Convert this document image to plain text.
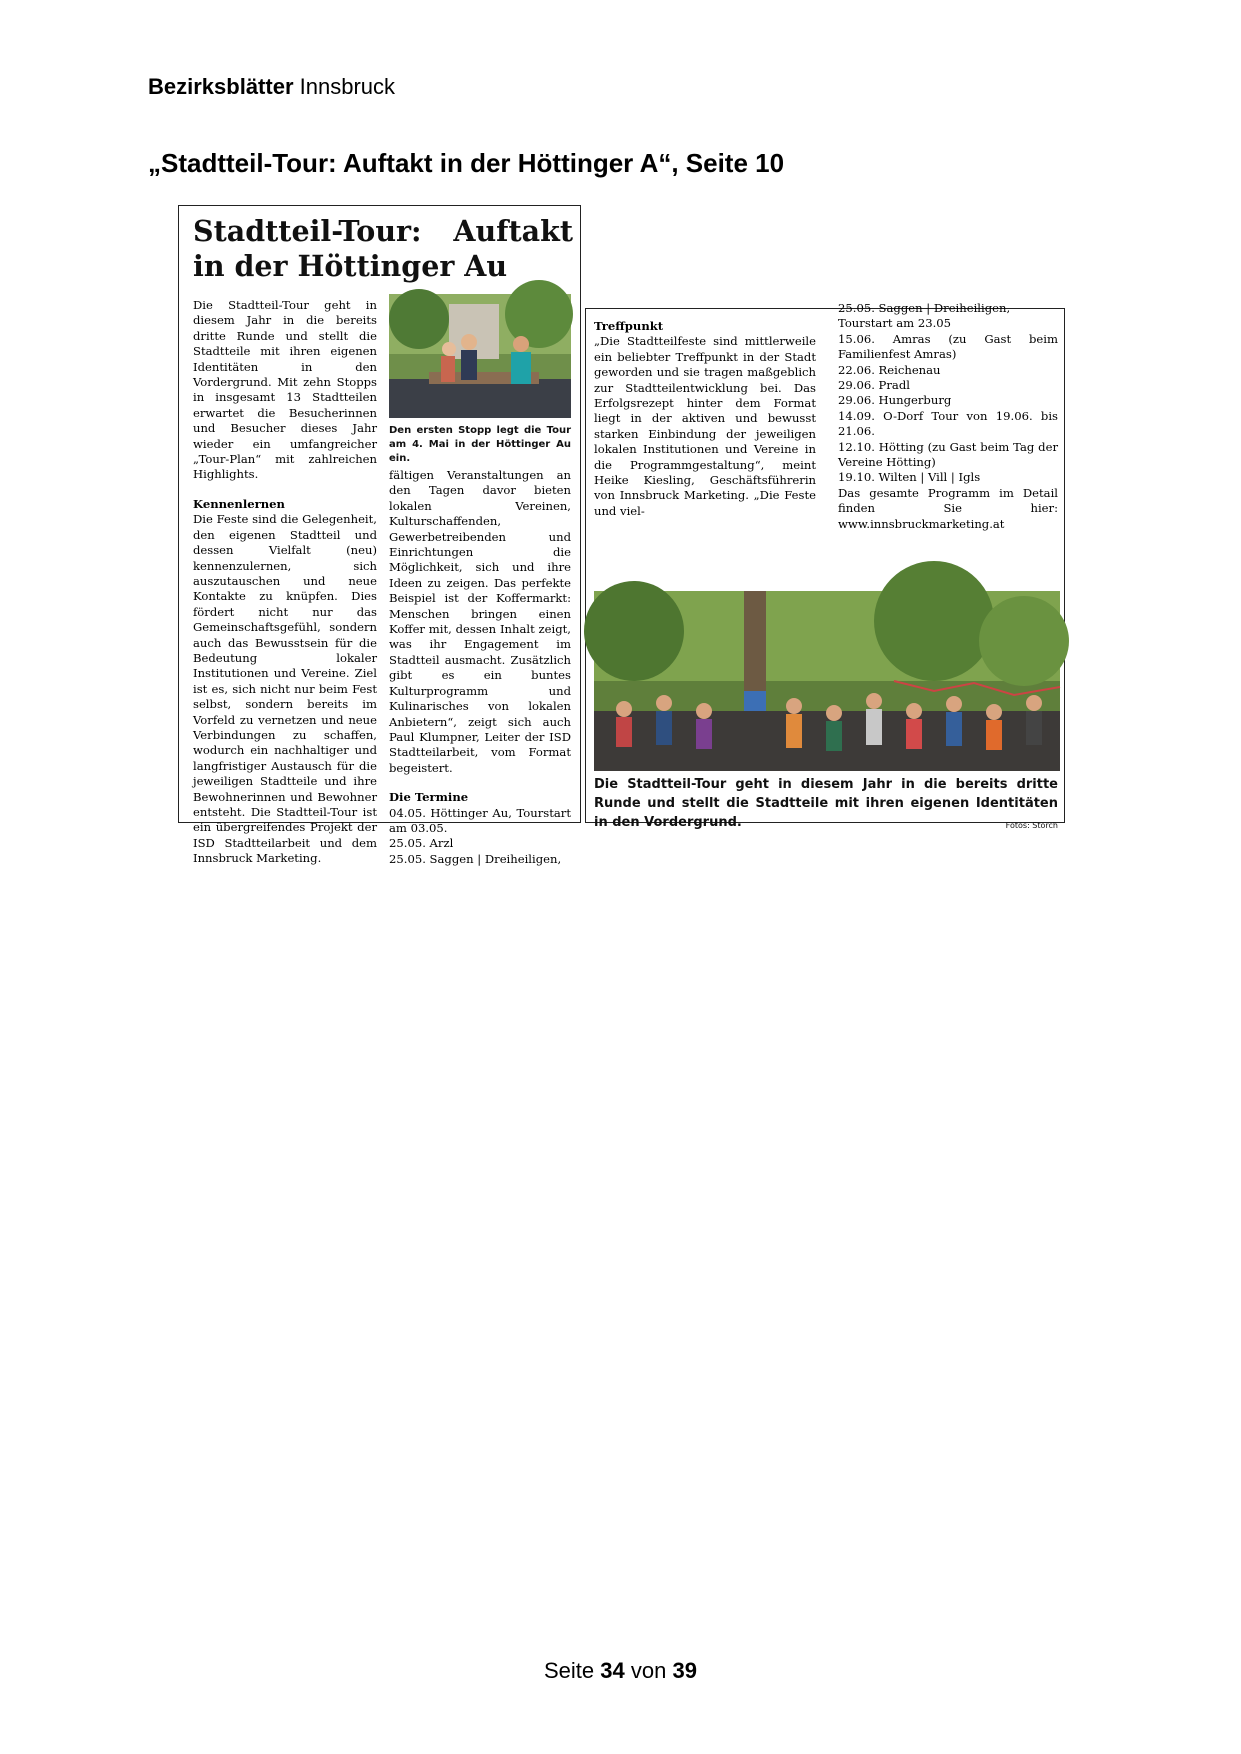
Bezirksblätter Innsbruck
„Stadtteil-Tour: Auftakt in der Höttinger A“, Seite 10
Stadtteil-Tour: Auftakt in der Höttinger Au

Die Stadtteil-Tour geht in diesem Jahr in die bereits dritte Runde und stellt die Stadtteile mit ihren eigenen Identitäten in den Vordergrund. Mit zehn Stopps in insgesamt 13 Stadtteilen erwartet die Besucherinnen und Besucher dieses Jahr wieder ein umfangreicher „Tour-Plan“ mit zahlreichen Highlights.

Kennenlernen

Die Feste sind die Gelegenheit, den eigenen Stadtteil und dessen Vielfalt (neu) kennenzulernen, sich auszutauschen und neue Kontakte zu knüpfen. Dies fördert nicht nur das Gemeinschaftsgefühl, sondern auch das Bewusstsein für die Bedeutung lokaler Institutionen und Vereine. Ziel ist es, sich nicht nur beim Fest selbst, sondern bereits im Vorfeld zu vernetzen und neue Verbindungen zu schaffen, wodurch ein nachhaltiger und langfristiger Austausch für die jeweiligen Stadtteile und ihre Bewohnerinnen und Bewohner entsteht. Die Stadtteil-Tour ist ein übergreifendes Projekt der ISD Stadtteilarbeit und dem Innsbruck Marketing.

Den ersten Stopp legt die Tour am 4. Mai in der Höttinger Au ein.

fältigen Veranstaltungen an den Tagen davor bieten lokalen Vereinen, Kulturschaffenden, Gewerbetreibenden und Einrichtungen die Möglichkeit, sich und ihre Ideen zu zeigen. Das perfekte Beispiel ist der Koffermarkt: Menschen bringen einen Koffer mit, dessen Inhalt zeigt, was ihr Engagement im Stadtteil ausmacht. Zusätzlich gibt es ein buntes Kulturprogramm und Kulinarisches von lokalen Anbietern“, zeigt sich auch Paul Klumpner, Leiter der ISD Stadtteilarbeit, vom Format begeistert.

Die Termine

04.05. Höttinger Au, Tourstart am 03.05.

25.05. Arzl

25.05. Saggen | Dreiheiligen,

Treffpunkt

„Die Stadtteilfeste sind mittlerweile ein beliebter Treffpunkt in der Stadt geworden und sie tragen maßgeblich zur Stadtteilentwicklung bei. Das Erfolgsrezept hinter dem Format liegt in der aktiven und bewusst starken Einbindung der jeweiligen lokalen Institutionen und Vereine in die Programmgestaltung“, meint Heike Kiesling, Geschäftsführerin von Innsbruck Marketing. „Die Feste und viel-

25.05. Saggen | Dreiheiligen,

Tourstart am 23.05

15.06. Amras (zu Gast beim Familienfest Amras)

22.06. Reichenau

29.06. Pradl

29.06. Hungerburg

14.09. O-Dorf Tour von 19.06. bis 21.06.

12.10. Hötting (zu Gast beim Tag der Vereine Hötting)

19.10. Wilten | Vill | Igls

Das gesamte Programm im Detail finden Sie hier: www.innsbruckmarketing.at

Die Stadtteil-Tour geht in diesem Jahr in die bereits dritte Runde und stellt die Stadtteile mit ihren eigenen Identitäten in den Vordergrund.	Fotos: Storch
Seite 34 von 39
